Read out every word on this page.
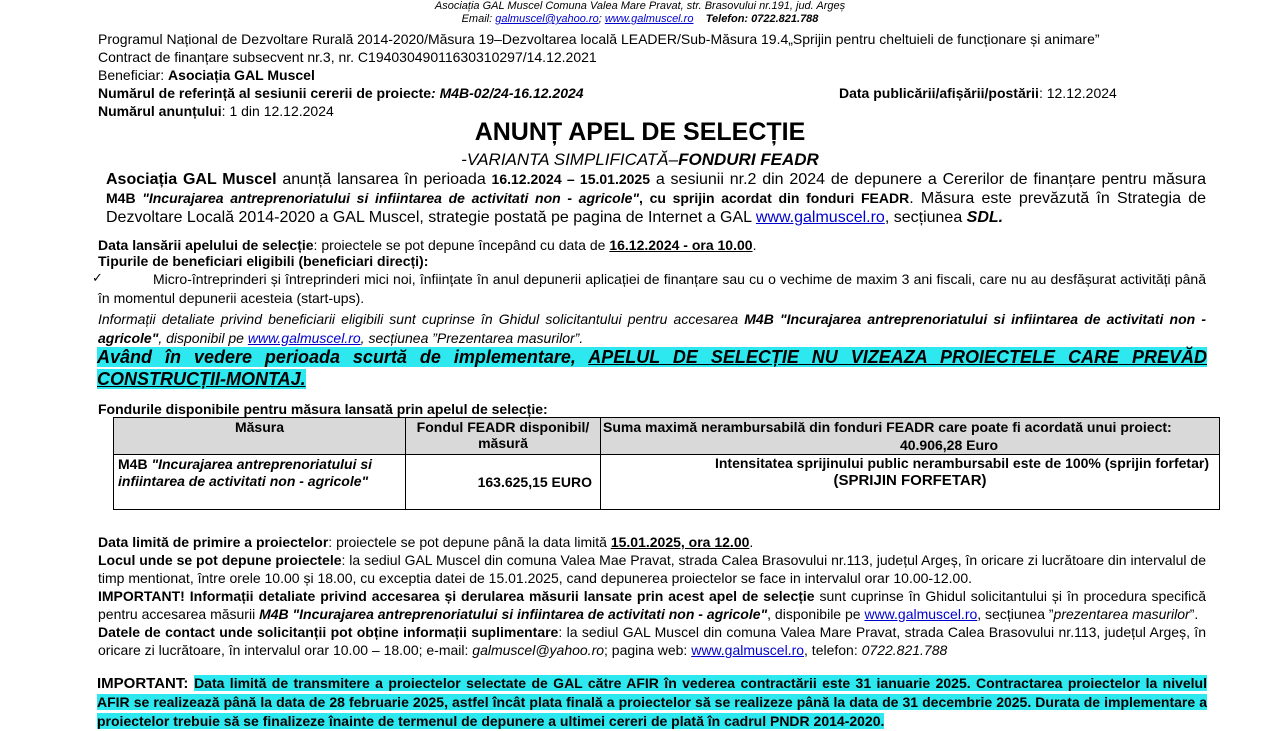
Asociația GAL Muscel Comuna Valea Mare Pravat, str. Brasovului nr.191, jud. Argeș
Email: galmuscel@yahoo.ro; www.galmuscel.ro Telefon: 0722.821.788
Programul Național de Dezvoltare Rurală 2014-2020/Măsura 19–Dezvoltarea locală LEADER/Sub-Măsura 19.4„Sprijin pentru cheltuieli de funcționare și animare”
Contract de finanțare subsecvent nr.3, nr. C19403049011630310297/14.12.2021
Beneficiar: Asociația GAL Muscel
Numărul de referință al sesiunii cererii de proiecte: M4B-02/24-16.12.2024	Data publicării/afișării/postării: 12.12.2024
Numărul anunțului: 1 din 12.12.2024
ANUNȚ APEL DE SELECȚIE
-VARIANTA SIMPLIFICATĂ–FONDURI FEADR
Asociația GAL Muscel anunță lansarea în perioada 16.12.2024 – 15.01.2025 a sesiunii nr.2 din 2024 de depunere a Cererilor de finanțare pentru măsura M4B "Incurajarea antreprenoriatului si infiintarea de activitati non - agricole", cu sprijin acordat din fonduri FEADR. Măsura este prevăzută în Strategia de Dezvoltare Locală 2014-2020 a GAL Muscel, strategie postată pe pagina de Internet a GAL www.galmuscel.ro, secțiunea SDL.
Data lansării apelului de selecție: proiectele se pot depune începând cu data de 16.12.2024 - ora 10.00.
Tipurile de beneficiari eligibili (beneficiari direcți):
✓	Micro-întreprinderi și întreprinderi mici noi, înființate în anul depunerii aplicației de finanțare sau cu o vechime de maxim 3 ani fiscali, care nu au desfășurat activități până în momentul depunerii acesteia (start-ups).
Informații detaliate privind beneficiarii eligibili sunt cuprinse în Ghidul solicitantului pentru accesarea M4B "Incurajarea antreprenoriatului si infiintarea de activitati non - agricole", disponibil pe www.galmuscel.ro, secțiunea ”Prezentarea masurilor”.
Având în vedere perioada scurtă de implementare, APELUL DE SELECȚIE NU VIZEAZA PROIECTELE CARE PREVĂD CONSTRUCȚII-MONTAJ.
Fondurile disponibile pentru măsura lansată prin apelul de selecție:
Măsura	Fondul FEADR disponibil/ măsură	Suma maximă nerambursabilă din fonduri FEADR care poate fi acordată unui proiect:
40.906,28 Euro

M4B "Incurajarea antreprenoriatului si infiintarea de activitati non - agricole"	163.625,15 EURO	Intensitatea sprijinului public nerambursabil este de 100% (sprijin forfetar)
(SPRIJIN FORFETAR)

Data limită de primire a proiectelor: proiectele se pot depune până la data limită 15.01.2025, ora 12.00.

Locul unde se pot depune proiectele: la sediul GAL Muscel din comuna Valea Mae Pravat, strada Calea Brasovului nr.113, județul Argeș, în oricare zi lucrătoare din intervalul de timp mentionat, între orele 10.00 și 18.00, cu exceptia datei de 15.01.2025, cand depunerea proiectelor se face in intervalul orar 10.00-12.00.

IMPORTANT! Informații detaliate privind accesarea și derularea măsurii lansate prin acest apel de selecție sunt cuprinse în Ghidul solicitantului și în procedura specifică pentru accesarea măsurii M4B "Incurajarea antreprenoriatului si infiintarea de activitati non - agricole", disponibile pe www.galmuscel.ro, secțiunea ”prezentarea masurilor”.

Datele de contact unde solicitanții pot obține informații suplimentare: la sediul GAL Muscel din comuna Valea Mare Pravat, strada Calea Brasovului nr.113, județul Argeș, în oricare zi lucrătoare, în intervalul orar 10.00 – 18.00; e-mail: galmuscel@yahoo.ro; pagina web: www.galmuscel.ro, telefon: 0722.821.788

IMPORTANT: Data limită de transmitere a proiectelor selectate de GAL către AFIR în vederea contractării este 31 ianuarie 2025. Contractarea proiectelor la nivelul AFIR se realizează până la data de 28 februarie 2025, astfel încât plata finală a proiectelor să se realizeze până la data de 31 decembrie 2025. Durata de implementare a proiectelor trebuie să se finalizeze înainte de termenul de depunere a ultimei cereri de plată în cadrul PNDR 2014-2020.
